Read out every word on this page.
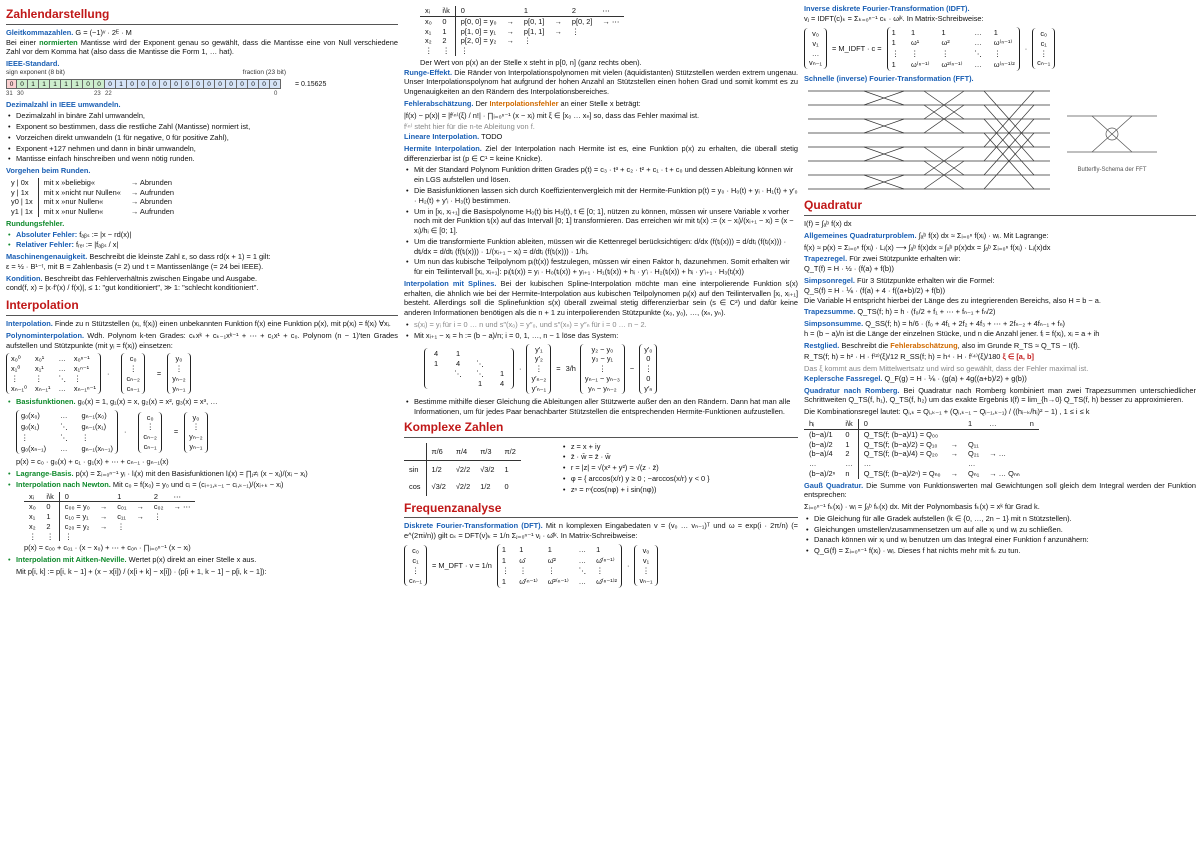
Zahlendarstellung

Gleitkommazahlen. G = (−1)ᵛ · 2ᴱ · M
Bei einer normierten Mantisse wird der Exponent genau so gewählt, dass die Mantisse eine von Null verschiedene Zahl vor dem Komma hat (also dass die Mantisse die Form 1, … hat).

IEEE-Standard.
sign exponent (8 bit)	fraction (23 bit)
0	0	1	1	1	1	1	0	0	0	1	0	0	0	0	0	0	0	0	0	0	0	0	0	0	= 0.15625
31 30	23 22	0
Dezimalzahl in IEEE umwandeln.
• Dezimalzahl in binäre Zahl umwandeln,
• Exponent so bestimmen, dass die restliche Zahl (Mantisse) normiert ist,
• Vorzeichen direkt umwandeln (1 für negative, 0 für positive Zahl),
• Exponent +127 nehmen und dann in binär umwandeln,
• Mantisse einfach hinschreiben und wenn nötig runden.
Vorgehen beim Runden.
y | 0x	mit x »beliebig«	→ Abrunden
y | 1x	mit x »nicht nur Nullen«	→ Aufrunden
y0 | 1x	mit x »nur Nullen«	→ Abrunden
y1 | 1x	mit x »nur Nullen«	→ Aufrunden
Rundungsfehler.
• Absoluter Fehler: fₐᵦₛ := |x − rd(x)|
• Relativer Fehler: fᵣₑₗ := |fₐᵦₛ / x|

Maschinengenauigkeit. Beschreibt die kleinste Zahl ε, so dass rd(x + 1) = 1 gilt:
ε = ½ · B¹⁻ᵗ, mit B = Zahlenbasis (= 2) und t = Mantissenlänge (= 24 bei IEEE).

Kondition. Beschreibt das Fehlerverhältnis zwischen Eingabe und Ausgabe.
cond(f, x) = |x·f′(x) / f(x)|, ≤ 1: "gut konditioniert", ≫ 1: "schlecht konditioniert".

Interpolation

Interpolation. Finde zu n Stützstellen (xᵢ, f(xᵢ)) einen unbekannten Funktion f(x) eine Funktion p(x), mit p(xᵢ) = f(xᵢ) ∀xᵢ.

Polynominterpolation. Wdh. Polynom k-ten Grades: cₖxᵏ + cₖ₋₁xᵏ⁻¹ + ⋯ + c₁x¹ + c₀. Polynom (n − 1)'ten Grades aufstellen und Stützpunkte (mit yᵢ = f(xᵢ)) einsetzen:

x₀⁰	x₀¹	… x₀ⁿ⁻¹
x₁⁰	x₁¹	… x₁ⁿ⁻¹
⋮	⋮	⋱ ⋮
xₙ₋₁⁰ xₙ₋₁¹ … xₙ₋₁ⁿ⁻¹
·
c₀
⋮
cₙ₋₂
cₙ₋₁
=
y₀
⋮
yₙ₋₂
yₙ₋₁
• Basisfunktionen. g₀(x) = 1, g₁(x) = x, g₂(x) = x², g₃(x) = x³, …
g₀(x₀)	… gₙ₋₁(x₀)
g₀(x₁)	⋱ gₙ₋₁(x₁)
⋮	⋱ ⋮
g₀(xₙ₋₁) … gₙ₋₁(xₙ₋₁)
·
c₀
⋮
cₙ₋₂
cₙ₋₁
=
y₀
⋮
yₙ₋₂
yₙ₋₁
p(x) = c₀ · g₀(x) + c₁ · g₁(x) + ⋯ + cₙ₋₁ · gₙ₋₁(x)
• Lagrange-Basis. p(x) = Σᵢ₌₀ⁿ⁻¹ yᵢ · lᵢ(x) mit den Basisfunktionen lᵢ(x) = ∏ⱼ≠ᵢ (x − xⱼ)/(xᵢ − xⱼ)
• Interpolation nach Newton. Mit c₀ = f(x₀) = y₀ und cᵢ = (cᵢ₊₁,ₖ₋₁ − cᵢ,ₖ₋₁)/(xᵢ₊ₖ − xᵢ)
xᵢ	i\k	0		1		2	⋯
x₀	0	c₀₀ = y₀	→	c₀₁	→	c₀₂	→ ⋯
x₁	1	c₁₀ = y₁	→	c₁₁	→	⋮	
x₂	2	c₂₀ = y₂	→	⋮			
⋮	⋮	⋮					
p(x) = c₀₀ + c₀₁ · (x − x₀) + ⋯ + c₀ₙ · ∏ᵢ₌₀ⁿ⁻¹ (x − xᵢ)
• Interpolation mit Aitken-Neville. Wertet p(x) direkt an einer Stelle x aus.
Mit p[i, k] := p[i, k − 1] + (x − x[i]) / (x[i + k] − x[i]) · (p[i + 1, k − 1] − p[i, k − 1]):
xᵢ	i\k	0		1		2	⋯
x₀	0	p[0, 0] = y₀	→	p[0, 1]	→	p[0, 2]	→ ⋯
x₁	1	p[1, 0] = y₁	→	p[1, 1]	→	⋮	
x₂	2	p[2, 0] = y₂	→	⋮			
⋮	⋮	⋮					
Der Wert von p(x) an der Stelle x steht in p[0, n] (ganz rechts oben).

Runge-Effekt. Die Ränder von Interpolationspolynomen mit vielen (äquidistanten) Stützstellen werden extrem ungenau. Unser Interpolationspolynom hat aufgrund der hohen Anzahl an Stützstellen einen hohen Grad und somit kommt es zu Ungenauigkeiten an den Rändern des Interpolationsbereiches.

Fehlerabschätzung. Der Interpolationsfehler an einer Stelle x beträgt:

|f(x) − p(x)| = |f⁽ⁿ⁾(ξ) / n!| · ∏ᵢ₌₀ⁿ⁻¹ (x − xᵢ) mit ξ ∈ [x₀ … xₙ] so, dass das Fehler maximal ist.
f⁽ⁿ⁾ steht hier für die n-te Ableitung von f.

Lineare Interpolation. TODO

Hermite Interpolation. Ziel der Interpolation nach Hermite ist es, eine Funktion p(x) zu erhalten, die überall stetig differenzierbar ist (p ∈ C¹ = keine Knicke).

• Mit der Standard Polynom Funktion dritten Grades p(t) = c₃ · t³ + c₂ · t² + c₁ · t + c₀ und dessen Ableitung können wir ein LGS aufstellen und lösen.
• Die Basisfunktionen lassen sich durch Koeffizientenvergleich mit der Hermite-Funktion p(t) = y₀ · H₀(t) + yᵢ · H₁(t) + y′₀ · H₂(t) + y′ᵢ · H₃(t) bestimmen.
• Um in [xᵢ, xᵢ₊₁] die Basispolynome H₀(t) bis H₃(t), t ∈ [0; 1], nützen zu können, müssen wir unsere Variable x vorher noch mit der Funktion tᵢ(x) auf das Intervall [0; 1] transformieren. Das erreichen wir mit tᵢ(x) := (x − xᵢ)/(xᵢ₊₁ − xᵢ) = (x − xᵢ)/hᵢ ∈ [0; 1].
• Um die transformierte Funktion ableiten, müssen wir die Kettenregel berücksichtigen: d/dx (f(tᵢ(x))) = d/dtᵢ (f(tᵢ(x))) · dtᵢ/dx = d/dtᵢ (f(tᵢ(x))) · 1/(xᵢ₊₁ − xᵢ) = d/dtᵢ (f(tᵢ(x))) · 1/hᵢ.
• Um nun das kubische Teilpolynom pᵢ(t(x)) festzulegen, müssen wir einen Faktor h, dazunehmen. Somit erhalten wir für ein Teilintervall [xᵢ, xᵢ₊₁]: pᵢ(tᵢ(x)) = yᵢ · H₀(tᵢ(x)) + yᵢ₊₁ · H₁(tᵢ(x)) + hᵢ · y′ᵢ · H₂(tᵢ(x)) + hᵢ · y′ᵢ₊₁ · H₃(tᵢ(x))

Interpolation mit Splines. Bei der kubischen Spline-Interpolation möchte man eine interpolierende Funktion s(x) erhalten, die ähnlich wie bei der Hermite-Interpolation aus kubischen Teilpolynomen pᵢ(x) auf den Teilintervallen [xᵢ, xᵢ₊₁] besteht. Allerdings soll die Splinefunktion s(x) überall zweimal stetig differenzierbar sein (s ∈ C²) und dafür keine anderen Informationen benötigen als die n + 1 zu interpolierenden Stützpunkte (x₀, y₀), …, (xₙ, yₙ).

• s(xᵢ) = yᵢ für i = 0 … n und s″(x₀) = y″₀, und s″(xₙ) = y″ₙ für i = 0 … n − 2.
• Mit xᵢ₊₁ − xᵢ = h := (b − a)/n; i = 0, 1, …, n − 1 löse das System:
4	1
1	4	⋱
⋱	⋱	1
1	4
·
y′₁
y′₂
⋮
y′ₙ₋₂
y′ₙ₋₁
= 3/h
y₂ − y₀
y₃ − y₁
⋮
yₙ₋₁ − yₙ₋₃
yₙ − yₙ₋₂
−
y′₀
0
⋮
0
y′ₙ
• Bestimme mithilfe dieser Gleichung die Ableitungen aller Stützwerte außer den an den Rändern. Dann hat man alle Informationen, um für jedes Paar benachbarter Stützstellen die entsprechenden Hermite-Funktionen aufzustellen.
Komplexe Zahlen
	π/6	π/4	π/3	π/2
sin	1/2	√2/2	√3/2	1
cos	√3/2	√2/2	1/2	0
• z = x + iy
• z̄ · w̄ = z̄ · w̄
• r = |z| = √(x² + y²) = √(z · z̄)
• φ = { arccos(x/r) y ≥ 0 ; −arccos(x/r) y < 0 }
• zⁿ = rⁿ(cos(nφ) + i sin(nφ))
Frequenzanalyse

Diskrete Fourier-Transformation (DFT). Mit n komplexen Eingabedaten v = (v₀ … vₙ₋₁)ᵀ und ω = exp(i · 2π/n) (= e^(2πi/n)) gilt cₖ = DFT(v)ₖ = 1/n Σⱼ₌₀ⁿ⁻¹ vⱼ · ω̄ʲᵏ. In Matrix-Schreibweise:

c₀
c₁
⋮
cₙ₋₁
= M_DFT · v = 1/n
1	1	1	… 1
1	ω̄	ω̄²	… ω̄⁽ⁿ⁻¹⁾
⋮ ⋮	⋮	⋱ ⋮
1	ω̄⁽ⁿ⁻¹⁾ ω̄²⁽ⁿ⁻¹⁾ … ω̄⁽ⁿ⁻¹⁾²
·
v₀
v₁
⋮
vₙ₋₁

Inverse diskrete Fourier-Transformation (IDFT).
vⱼ = IDFT(c)ₖ = Σₖ₌₀ⁿ⁻¹ cₖ · ωʲᵏ. In Matrix-Schreibweise:

v₀
v₁
…
vₙ₋₁
= M_IDFT · c =
1	1	1	… 1
1	ω¹	ω²	… ω⁽ⁿ⁻¹⁾
⋮ ⋮	⋮	⋱ ⋮
1	ω⁽ⁿ⁻¹⁾ ω²⁽ⁿ⁻¹⁾ … ω⁽ⁿ⁻¹⁾²
·
c₀
c₁
⋮
cₙ₋₁
Schnelle (inverse) Fourier-Transformation (FFT).
Butterfly-Schema der FFT
Quadratur
I(f) = ∫ₐᵇ f(x) dx

Allgemeines Quadraturproblem. ∫ₐᵇ f(x) dx ≈ Σᵢ₌₀ⁿ f(xᵢ) · wᵢ. Mit Lagrange:

f(x) ≈ p(x) = Σᵢ₌₀ⁿ f(xᵢ) · Lᵢ(x) ⟶ ∫ₐᵇ f(x)dx ≈ ∫ₐᵇ p(x)dx = ∫ₐᵇ Σᵢ₌₀ⁿ f(xᵢ) · Lᵢ(x)dx

Trapezregel. Für zwei Stützpunkte erhalten wir:
Q_T(f) = H · ½ · (f(a) + f(b))

Simpsonregel. Für 3 Stützpunkte erhalten wir die Formel:
Q_S(f) = H · ⅙ · (f(a) + 4 · f((a+b)/2) + f(b))
Die Variable H entspricht hierbei der Länge des zu integrierenden Bereichs, also H = b − a.

Trapezsumme. Q_TS(f; h) = h · (f₀/2 + f₁ + ⋯ + fₙ₋₁ + fₙ/2)

Simpsonsumme. Q_SS(f; h) = h/6 · (f₀ + 4f₁ + 2f₂ + 4f₃ + ⋯ + 2fₙ₋₂ + 4fₙ₋₁ + fₙ)
h = (b − a)/n ist die Länge der einzelnen Stücke, und n die Anzahl jener. fᵢ = f(xᵢ), xᵢ = a + ih

Restglied. Beschreibt die Fehlerabschätzung, also im Grunde R_TS ≈ Q_TS − I(f).

R_TS(f; h) = h² · H · f⁽²⁾(ξ)/12 R_SS(f; h) = h⁴ · H · f⁽⁴⁾(ξ)/180 ξ ∈ [a, b]
Das ξ kommt aus dem Mittelwertsatz und wird so gewählt, dass der Fehler maximal ist.

Keplersche Fassregel. Q_F(g) = H · ⅙ · (g(a) + 4g((a+b)/2) + g(b))

Quadratur nach Romberg. Bei Quadratur nach Romberg kombiniert man zwei Trapezsummen unterschiedlicher Schrittweiten Q_TS(f, h₁), Q_TS(f, h₂) um das exakte Ergebnis I(f) = lim_{h→0} Q_TS(f, h) besser zu approximieren.

Die Kombinationsregel lautet: Qᵢ,ₖ = Qᵢ,ₖ₋₁ + (Qᵢ,ₖ₋₁ − Qᵢ₋₁,ₖ₋₁) / ((hᵢ₋ₖ/hᵢ)² − 1) , 1 ≤ i ≤ k
hᵢ	i\k	0		1	…	n
(b−a)/1	0	Q_TS(f; (b−a)/1) = Q₀₀				
(b−a)/2	1	Q_TS(f; (b−a)/2) = Q₁₀	→	Q₁₁		
(b−a)/4	2	Q_TS(f; (b−a)/4) = Q₂₀	→	Q₂₁	→ …	
…	…	…		…		
(b−a)/2ⁿ	n	Q_TS(f; (b−a)/2ⁿ) = Qₙ₀	→	Qₙ₁	→ … Qₙₙ	

Gauß Quadratur. Die Summe von Funktionswerten mal Gewichtungen soll gleich dem Integral werden der Funktion entsprechen:

Σᵢ₌₀ⁿ⁻¹ fₖ(xᵢ) · wᵢ = ∫ₐᵇ fₖ(x) dx. Mit der Polynombasis fₖ(x) = xᵏ für Grad k.
• Die Gleichung für alle Gradek aufstellen (k ∈ {0, …, 2n − 1} mit n Stützstellen).
• Gleichungen umstellen/zusammensetzen um auf alle xᵢ und wᵢ zu schließen.
• Danach können wir xᵢ und wᵢ benutzen um das Integral einer Funktion f anzunähern:
• Q_G(f) = Σᵢ₌₀ⁿ⁻¹ f(xᵢ) · wᵢ. Dieses f hat nichts mehr mit fₖ zu tun.
